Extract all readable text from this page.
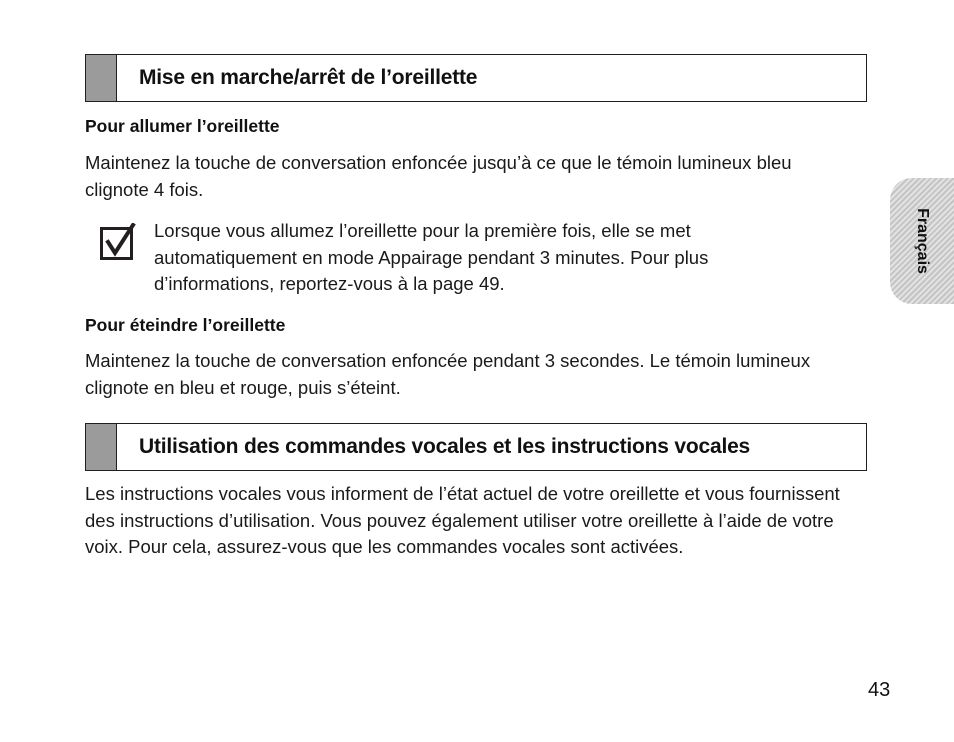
Mise en marche/arrêt de l’oreillette
Pour allumer l’oreillette
Maintenez la touche de conversation enfoncée jusqu’à ce que le témoin lumineux bleu clignote 4 fois.
Lorsque vous allumez l’oreillette pour la première fois, elle se met automatiquement en mode Appairage pendant 3 minutes. Pour plus d’informations, reportez-vous à la page 49.
Pour éteindre l’oreillette
Maintenez la touche de conversation enfoncée pendant 3 secondes. Le témoin lumineux clignote en bleu et rouge, puis s’éteint.
Utilisation des commandes vocales et les instructions vocales
Les instructions vocales vous informent de l’état actuel de votre oreillette et vous fournissent des instructions d’utilisation. Vous pouvez également utiliser votre oreillette à l’aide de votre voix. Pour cela, assurez-vous que les commandes vocales sont activées.
Français
43
